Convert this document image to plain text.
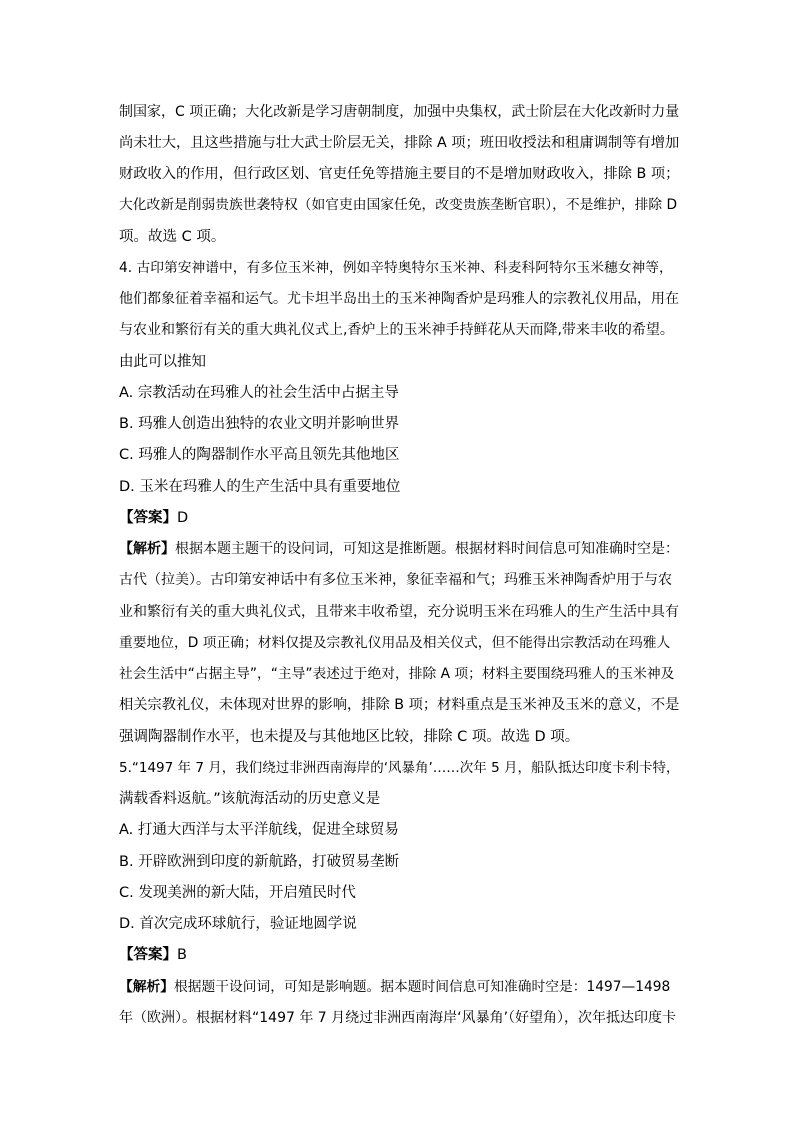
制国家，C 项正确；大化改新是学习唐朝制度，加强中央集权，武士阶层在大化改新时力量
尚未壮大，且这些措施与壮大武士阶层无关，排除 A 项；班田收授法和租庸调制等有增加
财政收入的作用，但行政区划、官吏任免等措施主要目的不是增加财政收入，排除 B 项；
大化改新是削弱贵族世袭特权（如官吏由国家任免，改变贵族垄断官职），不是维护，排除 D
项。故选 C 项。
4. 古印第安神谱中，有多位玉米神，例如辛特奥特尔玉米神、科麦科阿特尔玉米穗女神等，
他们都象征着幸福和运气。尤卡坦半岛出土的玉米神陶香炉是玛雅人的宗教礼仪用品，用在
与农业和繁衍有关的重大典礼仪式上,香炉上的玉米神手持鲜花从天而降,带来丰收的希望。
由此可以推知
A. 宗教活动在玛雅人的社会生活中占据主导
B. 玛雅人创造出独特的农业文明并影响世界
C. 玛雅人的陶器制作水平高且领先其他地区
D. 玉米在玛雅人的生产生活中具有重要地位
【答案】D
【解析】根据本题主题干的设问词，可知这是推断题。根据材料时间信息可知准确时空是：
古代（拉美）。古印第安神话中有多位玉米神，象征幸福和气；玛雅玉米神陶香炉用于与农
业和繁衍有关的重大典礼仪式，且带来丰收希望，充分说明玉米在玛雅人的生产生活中具有
重要地位，D 项正确；材料仅提及宗教礼仪用品及相关仪式，但不能得出宗教活动在玛雅人
社会生活中“占据主导”，“主导”表述过于绝对，排除 A 项；材料主要围绕玛雅人的玉米神及
相关宗教礼仪，未体现对世界的影响，排除 B 项；材料重点是玉米神及玉米的意义，不是
强调陶器制作水平，也未提及与其他地区比较，排除 C 项。故选 D 项。
5.“1497 年 7 月，我们绕过非洲西南海岸的‘风暴角’……次年 5 月，船队抵达印度卡利卡特，
满载香料返航。”该航海活动的历史意义是
A. 打通大西洋与太平洋航线，促进全球贸易
B. 开辟欧洲到印度的新航路，打破贸易垄断
C. 发现美洲的新大陆，开启殖民时代
D. 首次完成环球航行，验证地圆学说
【答案】B
【解析】根据题干设问词，可知是影响题。据本题时间信息可知准确时空是：1497—1498
年（欧洲）。根据材料“1497 年 7 月绕过非洲西南海岸‘风暴角’（好望角），次年抵达印度卡
